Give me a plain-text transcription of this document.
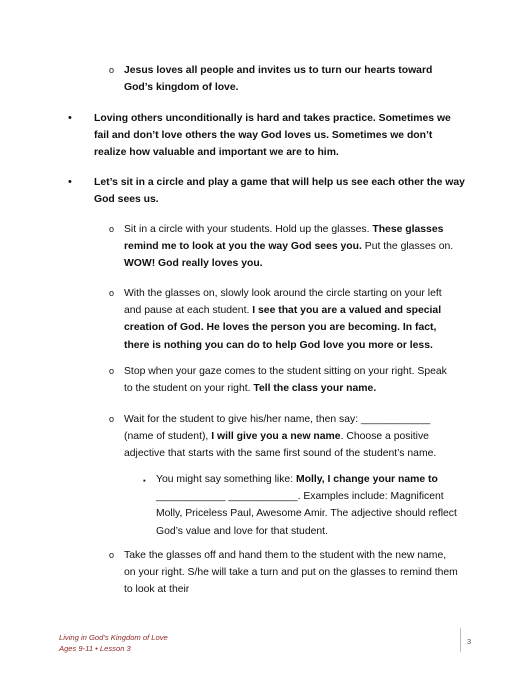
o Jesus loves all people and invites us to turn our hearts toward God’s kingdom of love.
• Loving others unconditionally is hard and takes practice. Sometimes we fail and don’t love others the way God loves us. Sometimes we don’t realize how valuable and important we are to him.
• Let’s sit in a circle and play a game that will help us see each other the way God sees us.
o Sit in a circle with your students. Hold up the glasses. These glasses remind me to look at you the way God sees you. Put the glasses on. WOW! God really loves you.
o With the glasses on, slowly look around the circle starting on your left and pause at each student. I see that you are a valued and special creation of God. He loves the person you are becoming. In fact, there is nothing you can do to help God love you more or less.
o Stop when your gaze comes to the student sitting on your right. Speak to the student on your right. Tell the class your name.
o Wait for the student to give his/her name, then say: ____________ (name of student), I will give you a new name. Choose a positive adjective that starts with the same first sound of the student’s name.
▪ You might say something like: Molly, I change your name to ____________ ____________. Examples include: Magnificent Molly, Priceless Paul, Awesome Amir. The adjective should reflect God’s value and love for that student.
o Take the glasses off and hand them to the student with the new name, on your right. S/he will take a turn and put on the glasses to remind them to look at their
Living in God’s Kingdom of Love
Ages 9-11 • Lesson 3
3
